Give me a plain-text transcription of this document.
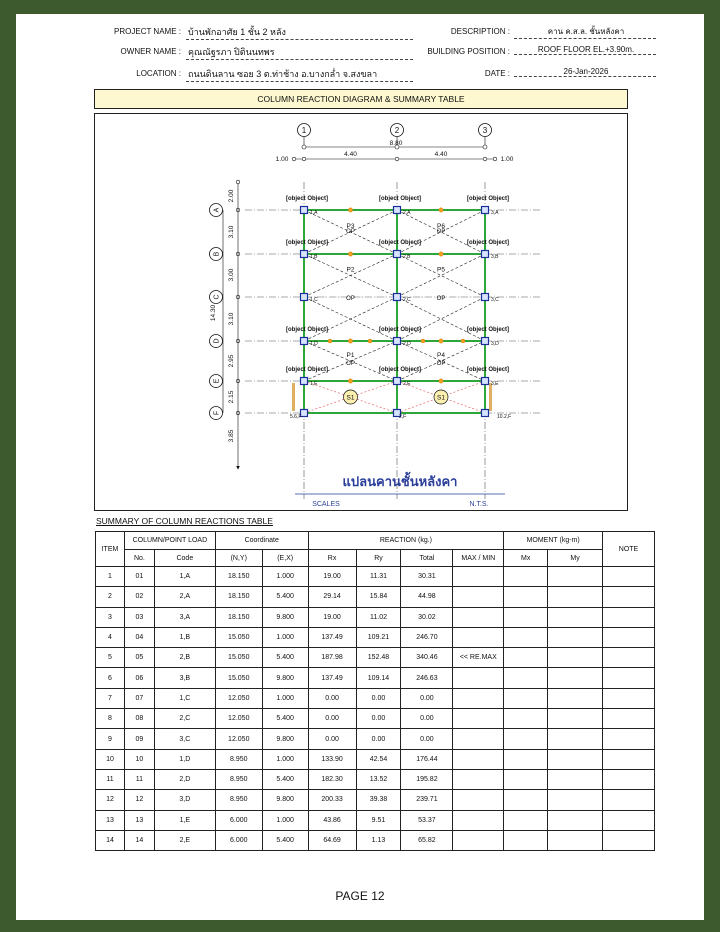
PROJECT NAME : บ้านพักอาศัย 1 ชั้น 2 หลัง
OWNER NAME : คุณณัฐรภา ปิตินนทพร
LOCATION : ถนนดินลาน ซอย 3 ต.ท่าช้าง อ.บางกล่ำ จ.สงขลา
DESCRIPTION :	คาน ค.ส.ล. ชั้นหลังคา
BUILDING POSITION :	ROOF FLOOR EL.+3.90m.
DATE :	26-Jan-2026
COLUMN REACTION DIAGRAM & SUMMARY TABLE
1	2	3
8.80
1.00
4.40	4.40
1.00
A
B
C
D
E
F
14.30
2.00
3.10
3.00
3.10
2.95
2.15
3.85
1,A	2,A	3,A
1,B	2,B	3,B
1,C	2,C	3,C
1,D	2,D	3,D
1,E	2,E	3,E
5.6,F	2,F	10.2,F
[object Object]	[object Object]	[object Object]
[object Object]	[object Object]	[object Object]
[object Object]	[object Object]	[object Object]
[object Object]	[object Object]	[object Object]
P3	P6
P2	P5
P1	P4
OP	OP
OP	OP
OP	OP
S1	S1
แปลนคานชั้นหลังคา
SCALES	N.T.S.
SUMMARY OF COLUMN REACTIONS TABLE
ITEM	COLUMN/POINT LOAD		Coordinate		REACTION (kg.)				MOMENT (kg-m)		NOTE
	No.	Code	(N,Y)	(E,X)	Rx	Ry	Total	MAX / MIN	Mx	My	
1	01	1,A	18.150	1.000	19.00	11.31	30.31				
2	02	2,A	18.150	5.400	29.14	15.84	44.98				
3	03	3,A	18.150	9.800	19.00	11.02	30.02				
4	04	1,B	15.050	1.000	137.49	109.21	246.70				
5	05	2,B	15.050	5.400	187.98	152.48	340.46	<< RE.MAX			
6	06	3,B	15.050	9.800	137.49	109.14	246.63				
7	07	1,C	12.050	1.000	0.00	0.00	0.00				
8	08	2,C	12.050	5.400	0.00	0.00	0.00				
9	09	3,C	12.050	9.800	0.00	0.00	0.00				
10	10	1,D	8.950	1.000	133.90	42.54	176.44				
11	11	2,D	8.950	5.400	182.30	13.52	195.82				
12	12	3,D	8.950	9.800	200.33	39.38	239.71				
13	13	1,E	6.000	1.000	43.86	9.51	53.37				
14	14	2,E	6.000	5.400	64.69	1.13	65.82				
PAGE 12
